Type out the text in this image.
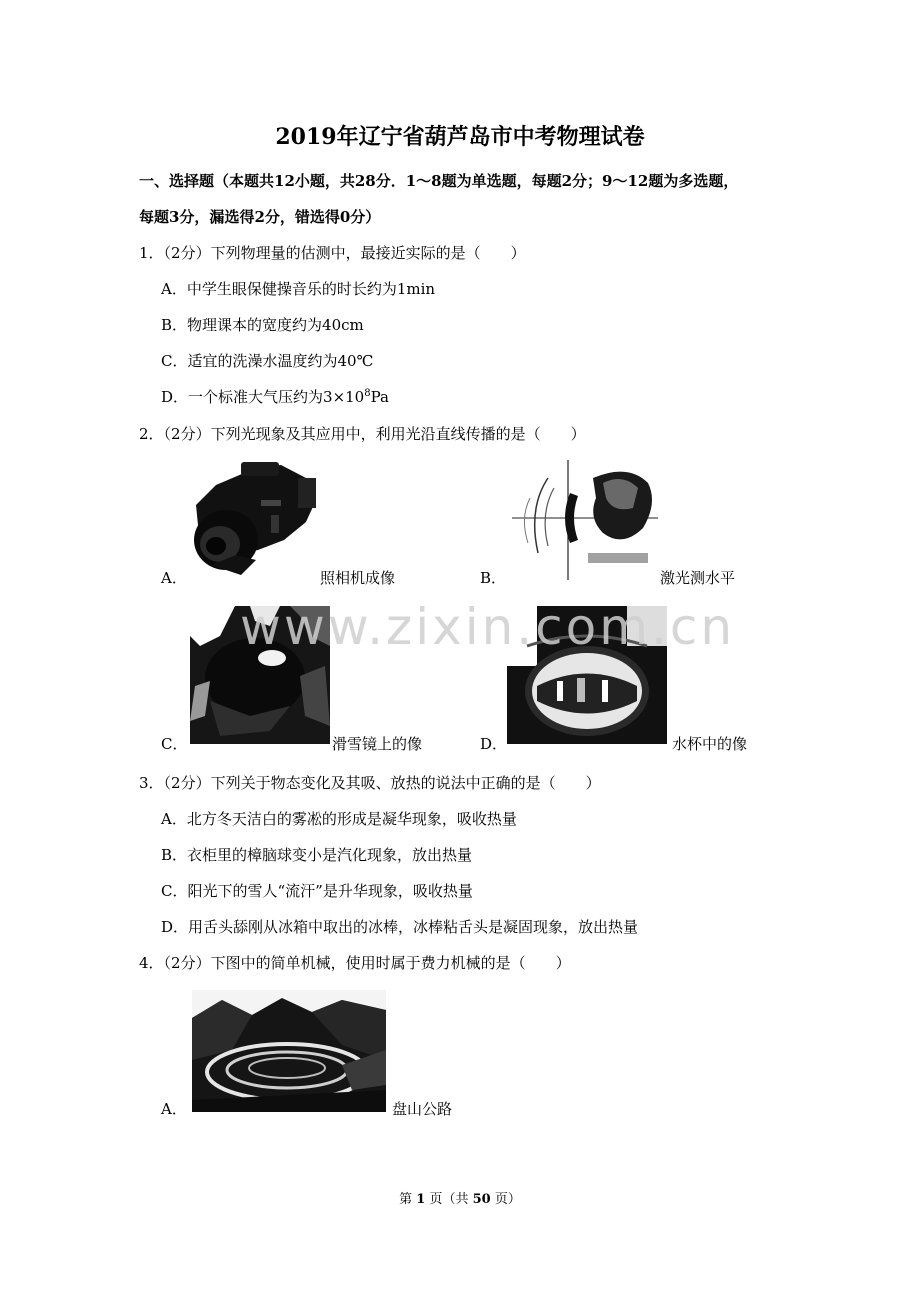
2019年辽宁省葫芦岛市中考物理试卷
一、选择题（本题共12小题，共28分．1～8题为单选题，每题2分；9～12题为多选题，
每题3分，漏选得2分，错选得0分）
1．（2分）下列物理量的估测中，最接近实际的是（　　）
A．中学生眼保健操音乐的时长约为1min
B．物理课本的宽度约为40cm
C．适宜的洗澡水温度约为40℃
D．一个标准大气压约为$3\times 10^8Pa$
2．（2分）下列光现象及其应用中，利用光沿直线传播的是（　　）
A．	照相机成像	B．	激光测水平
C．	滑雪镜上的像	D．	水杯中的像
3．（2分）下列关于物态变化及其吸、放热的说法中正确的是（　　）
A．北方冬天洁白的雾凇的形成是凝华现象，吸收热量
B．衣柜里的樟脑球变小是汽化现象，放出热量
C．阳光下的雪人“流汗”是升华现象，吸收热量
D．用舌头舔刚从冰箱中取出的冰棒，冰棒粘舌头是凝固现象，放出热量
4．（2分）下图中的简单机械，使用时属于费力机械的是（　　）
A．	盘山公路
www.zixin.com.cn
第 1 页（共 50 页）
